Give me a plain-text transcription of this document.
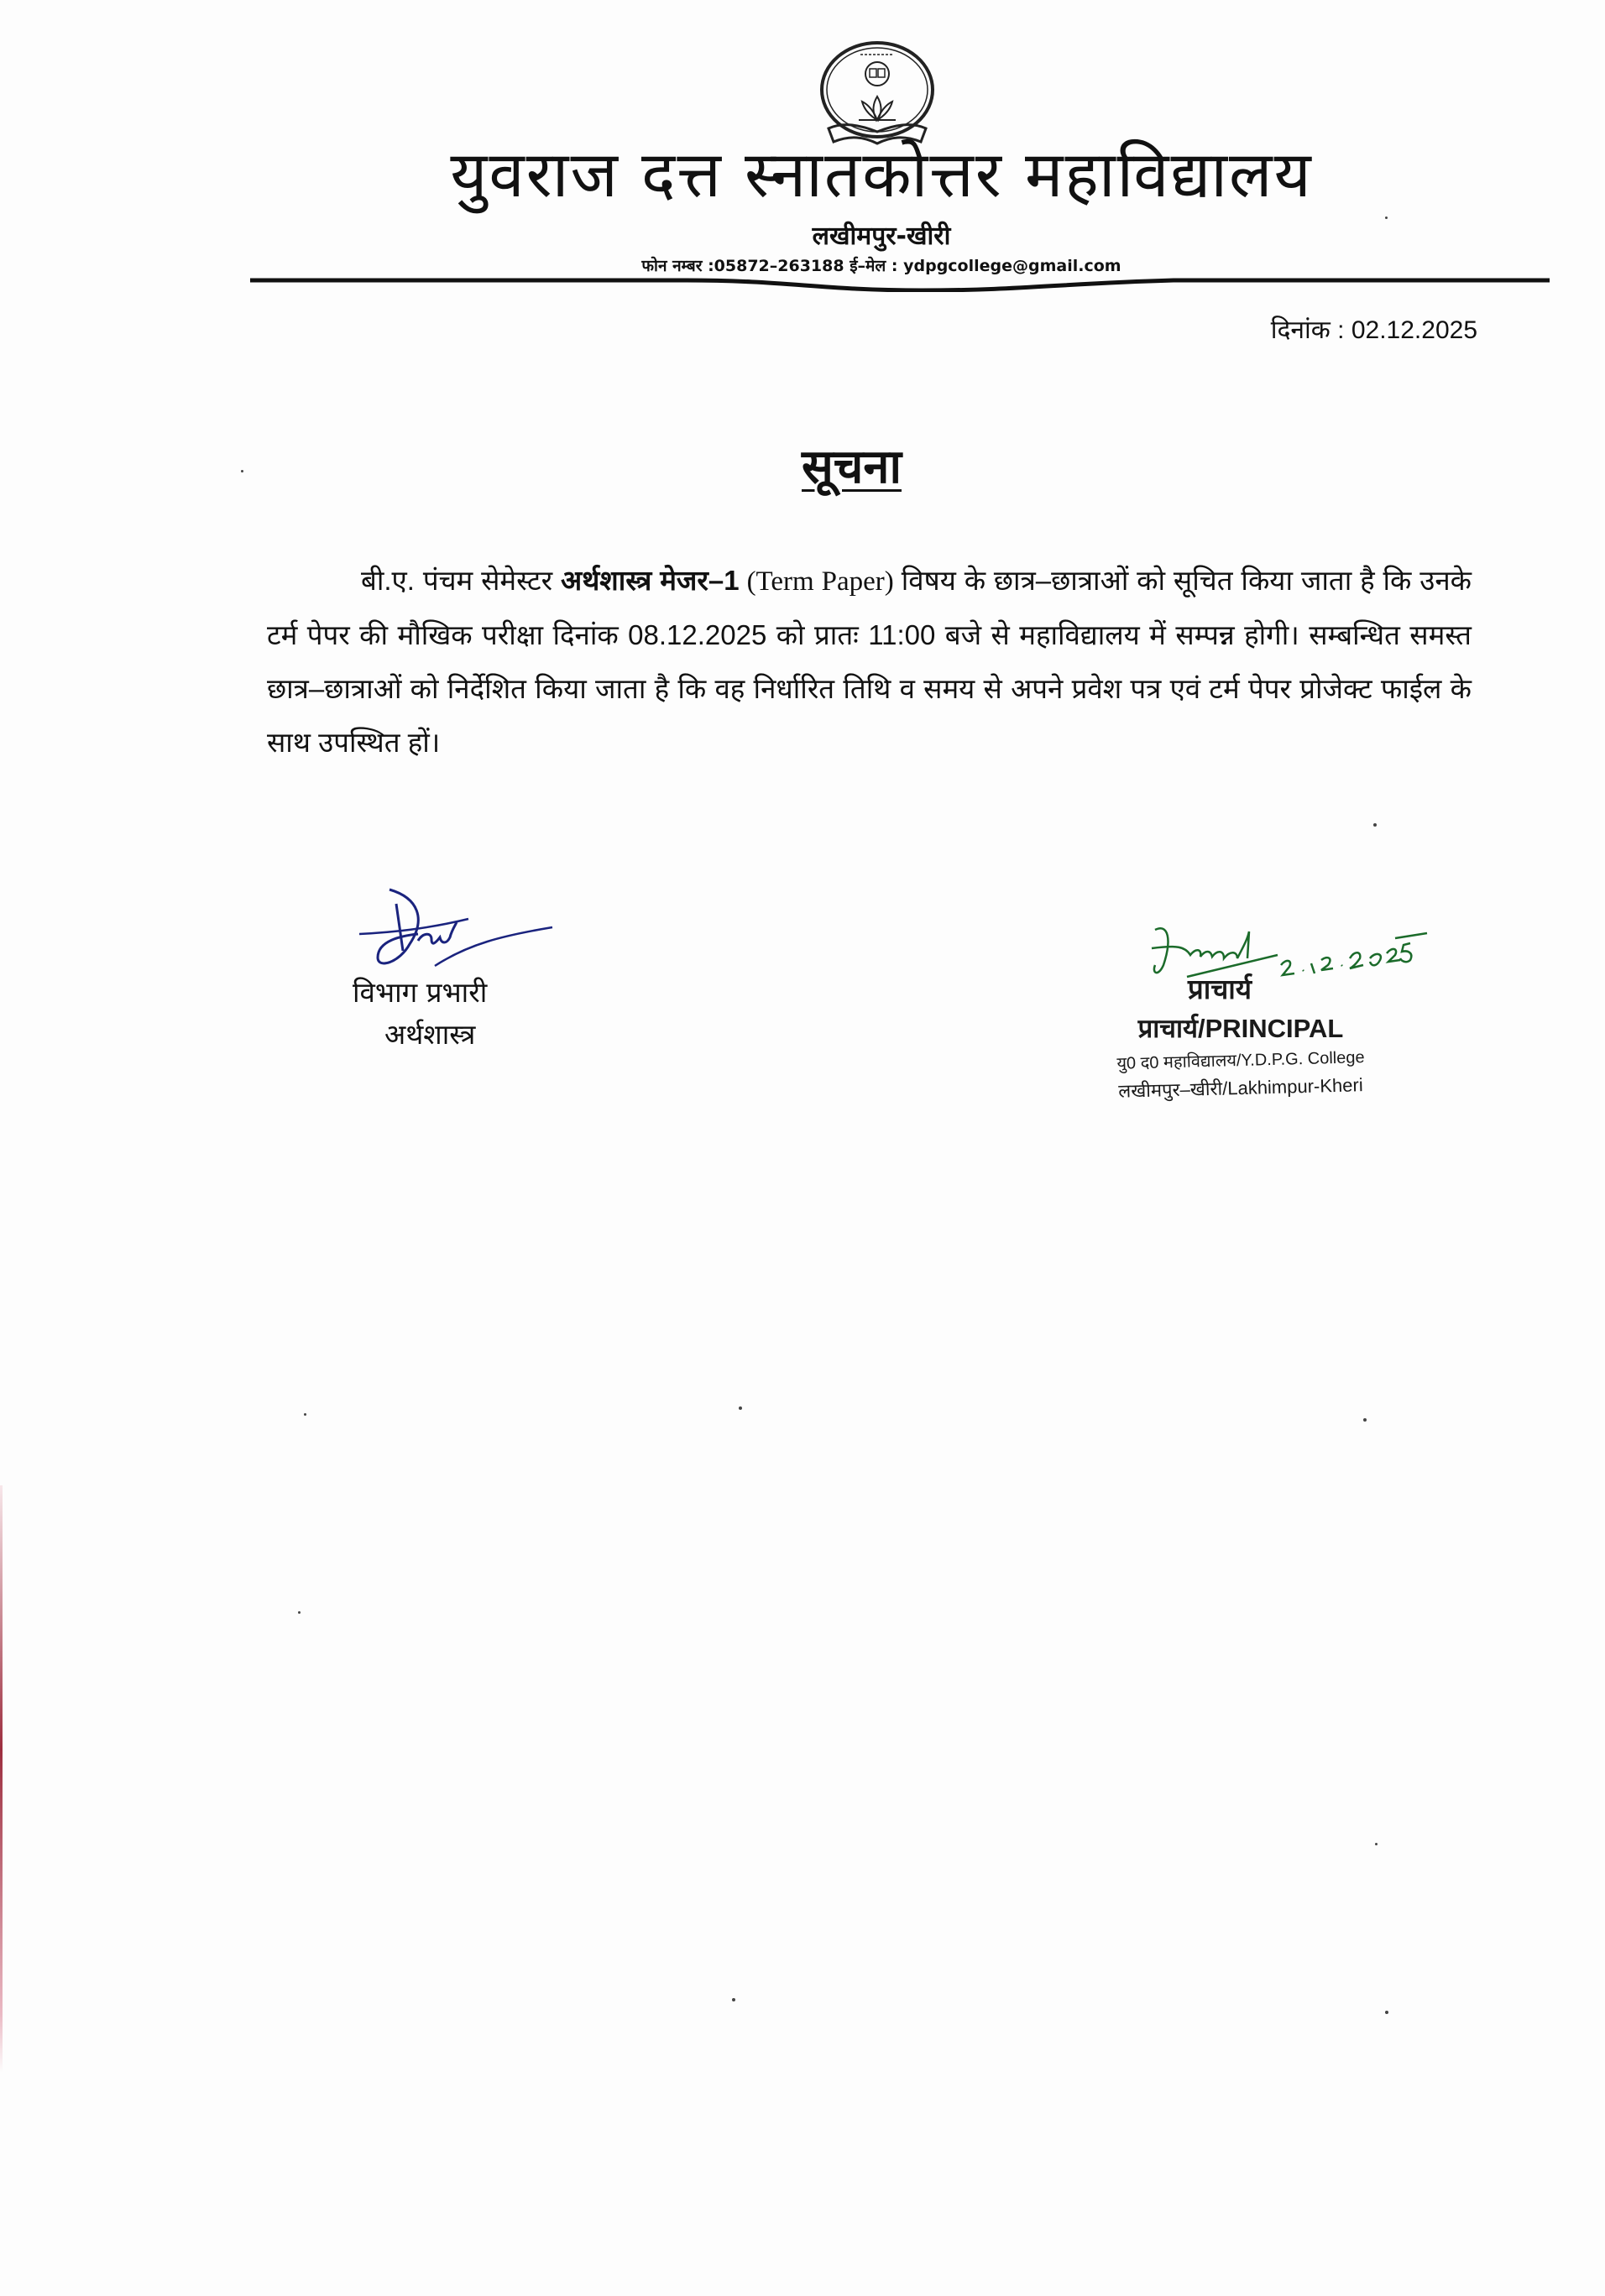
युवराज दत्त स्नातकोत्तर महाविद्यालय
लखीमपुर-खीरी
फोन नम्बर :05872–263188 ई–मेल : ydpgcollege@gmail.com
दिनांक : 02.12.2025
सूचना
बी.ए. पंचम सेमेस्टर अर्थशास्त्र मेजर–1 (Term Paper) विषय के छात्र–छात्राओं को सूचित किया जाता है कि उनके टर्म पेपर की मौखिक परीक्षा दिनांक 08.12.2025 को प्रातः 11:00 बजे से महाविद्यालय में सम्पन्न होगी। सम्बन्धित समस्त छात्र–छात्राओं को निर्देशित किया जाता है कि वह निर्धारित तिथि व समय से अपने प्रवेश पत्र एवं टर्म पेपर प्रोजेक्ट फाईल के साथ उपस्थित हों।
विभाग प्रभारी
अर्थशास्त्र
प्राचार्य
प्राचार्य/PRINCIPAL
यु0 द0 महाविद्यालय/Y.D.P.G. College
लखीमपुर–खीरी/Lakhimpur-Kheri
